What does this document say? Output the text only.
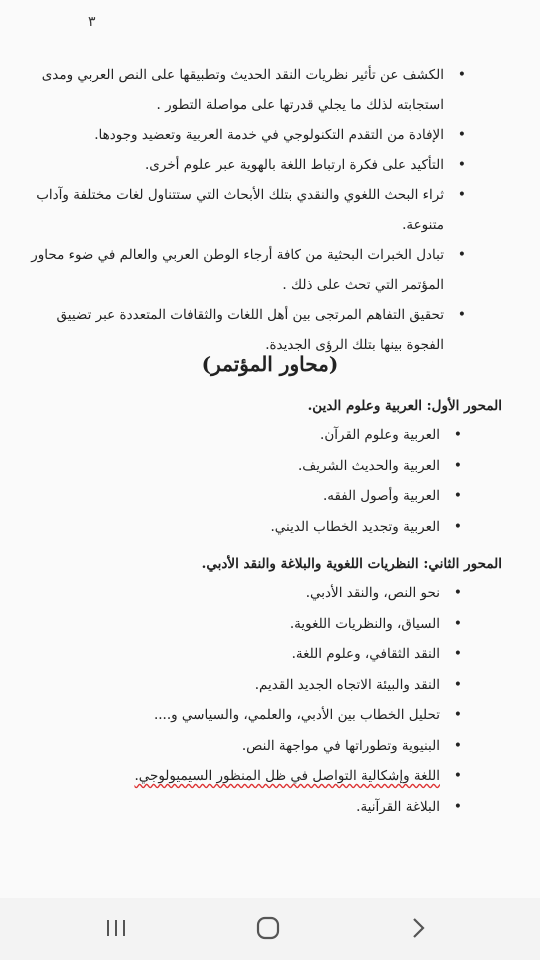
٣
• الكشف عن تأثير نظريات النقد الحديث وتطبيقها على النص العربي ومدى استجابته لذلك ما يجلي قدرتها على مواصلة التطور .
• الإفادة من التقدم التكنولوجي في خدمة العربية وتعضيد وجودها.
• التأكيد على فكرة ارتباط اللغة بالهوية عبر علوم أخرى.
• ثراء البحث اللغوي والنقدي بتلك الأبحاث التي ستتناول لغات مختلفة وآداب متنوعة.
• تبادل الخبرات البحثية من كافة أرجاء الوطن العربي والعالم في ضوء محاور المؤتمر التي تحث على ذلك .
• تحقيق التفاهم المرتجى بين أهل اللغات والثقافات المتعددة عبر تضييق الفجوة بينها بتلك الرؤى الجديدة.
(محاور المؤتمر)
المحور الأول: العربية وعلوم الدين.
• العربية وعلوم القرآن.
• العربية والحديث الشريف.
• العربية وأصول الفقه.
• العربية وتجديد الخطاب الديني.
المحور الثاني: النظريات اللغوية والبلاغة والنقد الأدبي.
• نحو النص، والنقد الأدبي.
• السياق، والنظريات اللغوية.
• النقد الثقافي، وعلوم اللغة.
• النقد والبيئة الاتجاه الجديد القديم.
• تحليل الخطاب بين الأدبي، والعلمي، والسياسي و....
• البنيوية وتطوراتها في مواجهة النص.
• اللغة وإشكالية التواصل في ظل المنظور السيميولوجي.
• البلاغة القرآنية.
